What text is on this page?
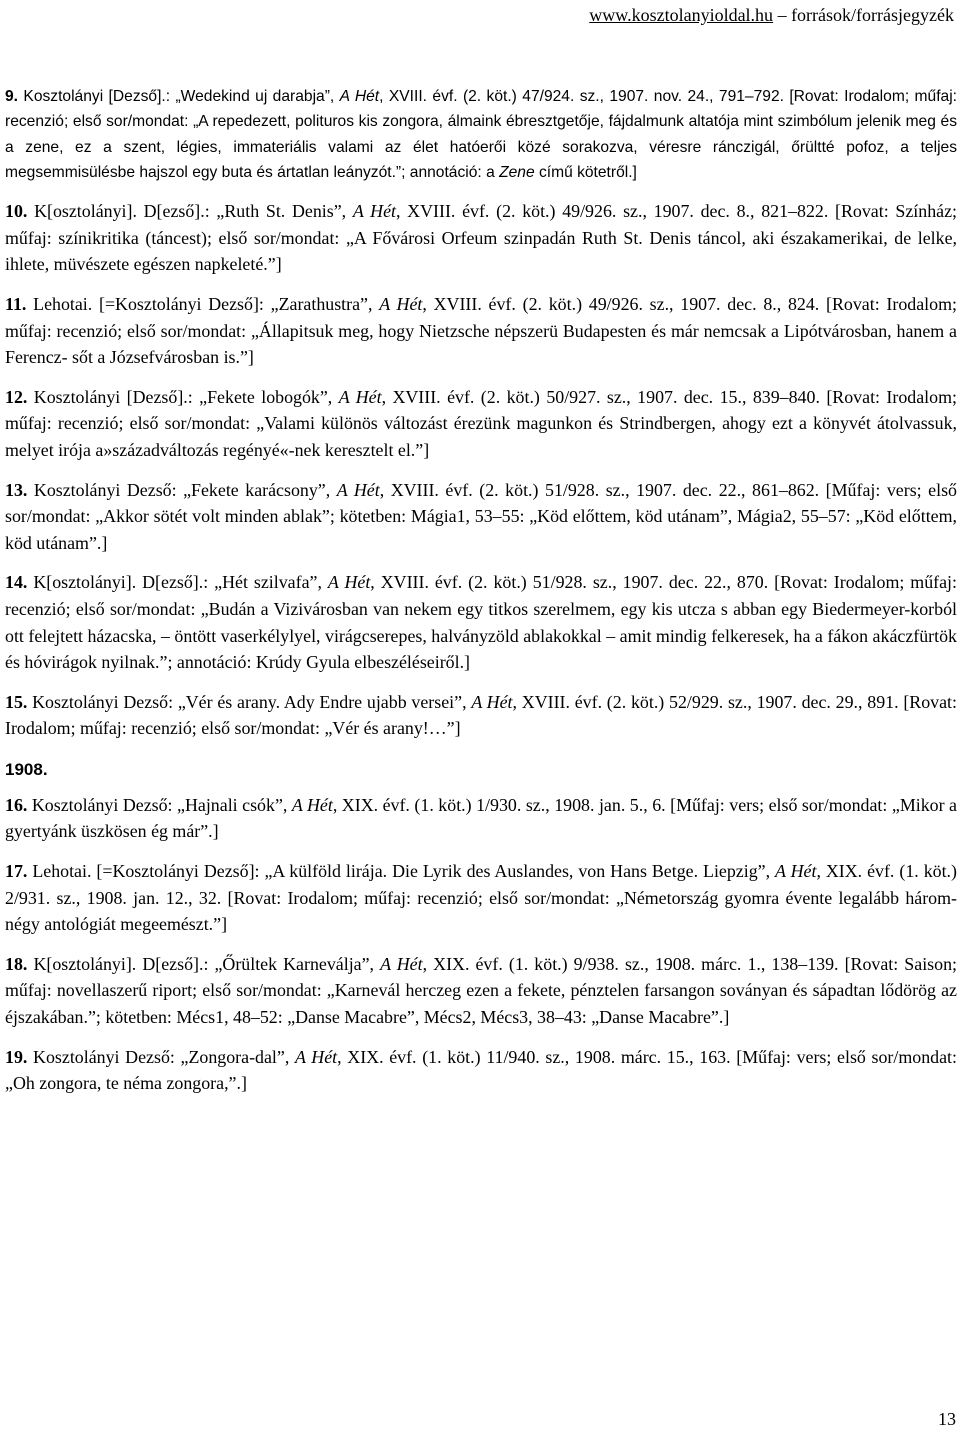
www.kosztolanyioldal.hu – források/forrásjegyzék

9. Kosztolányi [Dezső].: „Wedekind uj darabja”, A Hét, XVIII. évf. (2. köt.) 47/924. sz., 1907. nov. 24., 791–792. [Rovat: Irodalom; műfaj: recenzió; első sor/mondat: „A repedezett, polituros kis zongora, álmaink ébresztgetője, fájdalmunk altatója mint szimbólum jelenik meg és a zene, ez a szent, légies, immateriális valami az élet hatóerői közé sorakozva, véresre ránczigál, őrültté pofoz, a teljes megsemmisülésbe hajszol egy buta és ártatlan leányzót.”; annotáció: a Zene című kötetről.]

10. K[osztolányi]. D[ezső].: „Ruth St. Denis”, A Hét, XVIII. évf. (2. köt.) 49/926. sz., 1907. dec. 8., 821–822. [Rovat: Színház; műfaj: színikritika (táncest); első sor/mondat: „A Fővárosi Orfeum szinpadán Ruth St. Denis táncol, aki északamerikai, de lelke, ihlete, müvészete egészen napkeleté.”]

11. Lehotai. [=Kosztolányi Dezső]: „Zarathustra”, A Hét, XVIII. évf. (2. köt.) 49/926. sz., 1907. dec. 8., 824. [Rovat: Irodalom; műfaj: recenzió; első sor/mondat: „Állapitsuk meg, hogy Nietzsche népszerü Budapesten és már nemcsak a Lipótvárosban, hanem a Ferencz- sőt a Józsefvárosban is.”]

12. Kosztolányi [Dezső].: „Fekete lobogók”, A Hét, XVIII. évf. (2. köt.) 50/927. sz., 1907. dec. 15., 839–840. [Rovat: Irodalom; műfaj: recenzió; első sor/mondat: „Valami különös változást érezünk magunkon és Strindbergen, ahogy ezt a könyvét átolvassuk, melyet irója a»századváltozás regényé«-nek keresztelt el.”]

13. Kosztolányi Dezső: „Fekete karácsony”, A Hét, XVIII. évf. (2. köt.) 51/928. sz., 1907. dec. 22., 861–862. [Műfaj: vers; első sor/mondat: „Akkor sötét volt minden ablak”; kötetben: Mágia1, 53–55: „Köd előttem, köd utánam”, Mágia2, 55–57: „Köd előttem, köd utánam”.]

14. K[osztolányi]. D[ezső].: „Hét szilvafa”, A Hét, XVIII. évf. (2. köt.) 51/928. sz., 1907. dec. 22., 870. [Rovat: Irodalom; műfaj: recenzió; első sor/mondat: „Budán a Vizivárosban van nekem egy titkos szerelmem, egy kis utcza s abban egy Biedermeyer-korból ott felejtett házacska, – öntött vaserkélylyel, virágcserepes, halványzöld ablakokkal – amit mindig felkeresek, ha a fákon akáczfürtök és hóvirágok nyilnak.”; annotáció: Krúdy Gyula elbeszéléseiről.]

15. Kosztolányi Dezső: „Vér és arany. Ady Endre ujabb versei”, A Hét, XVIII. évf. (2. köt.) 52/929. sz., 1907. dec. 29., 891. [Rovat: Irodalom; műfaj: recenzió; első sor/mondat: „Vér és arany!…”]

1908.

16. Kosztolányi Dezső: „Hajnali csók”, A Hét, XIX. évf. (1. köt.) 1/930. sz., 1908. jan. 5., 6. [Műfaj: vers; első sor/mondat: „Mikor a gyertyánk üszkösen ég már”.]

17. Lehotai. [=Kosztolányi Dezső]: „A külföld lirája. Die Lyrik des Auslandes, von Hans Betge. Liepzig”, A Hét, XIX. évf. (1. köt.) 2/931. sz., 1908. jan. 12., 32. [Rovat: Irodalom; műfaj: recenzió; első sor/mondat: „Németország gyomra évente legalább három-négy antológiát megeemészt.”]

18. K[osztolányi]. D[ezső].: „Őrültek Karneválja”, A Hét, XIX. évf. (1. köt.) 9/938. sz., 1908. márc. 1., 138–139. [Rovat: Saison; műfaj: novellaszerű riport; első sor/mondat: „Karnevál herczeg ezen a fekete, pénztelen farsangon soványan és sápadtan lődörög az éjszakában.”; kötetben: Mécs1, 48–52: „Danse Macabre”, Mécs2, Mécs3, 38–43: „Danse Macabre”.]

19. Kosztolányi Dezső: „Zongora-dal”, A Hét, XIX. évf. (1. köt.) 11/940. sz., 1908. márc. 15., 163. [Műfaj: vers; első sor/mondat: „Oh zongora, te néma zongora,”.]

13
